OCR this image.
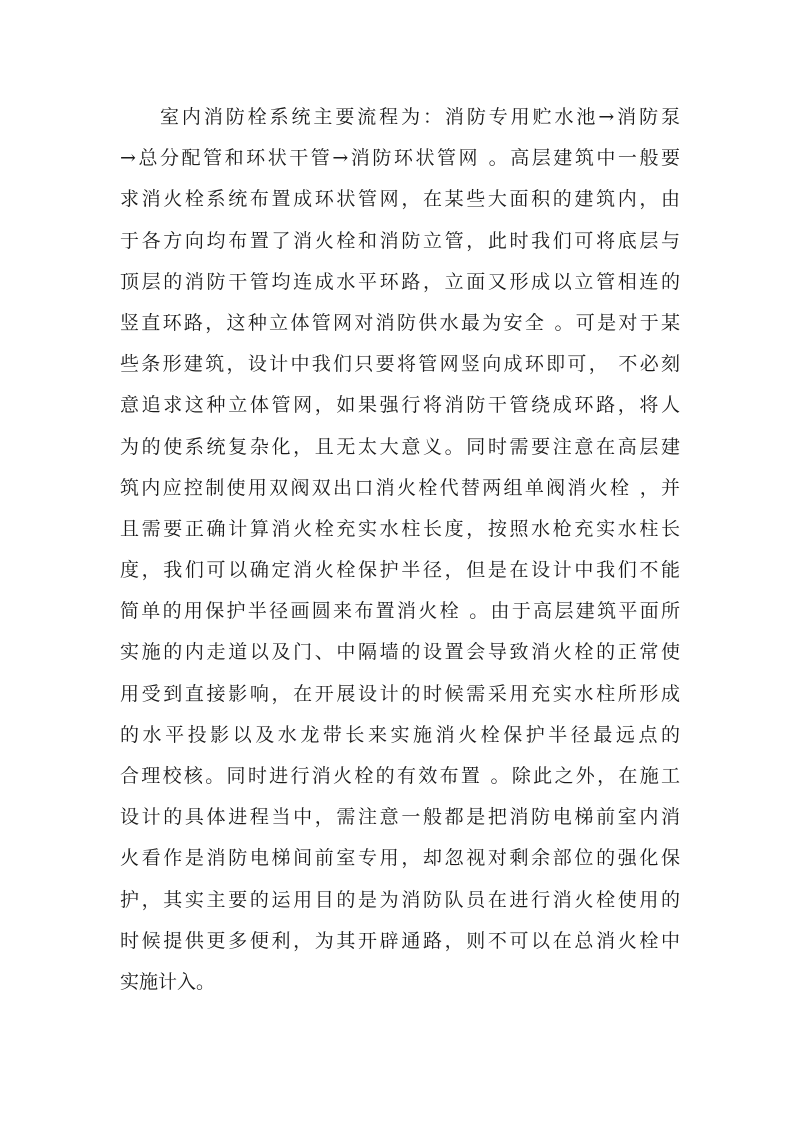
室内消防栓系统主要流程为：消防专用贮水池→消防泵
→总分配管和环状干管→消防环状管网 。高层建筑中一般要
求消火栓系统布置成环状管网，在某些大面积的建筑内，由
于各方向均布置了消火栓和消防立管，此时我们可将底层与
顶层的消防干管均连成水平环路，立面又形成以立管相连的
竖直环路，这种立体管网对消防供水最为安全 。可是对于某
些条形建筑，设计中我们只要将管网竖向成环即可， 不必刻
意追求这种立体管网，如果强行将消防干管绕成环路，将人
为的使系统复杂化，且无太大意义。同时需要注意在高层建
筑内应控制使用双阀双出口消火栓代替两组单阀消火栓 ，并
且需要正确计算消火栓充实水柱长度，按照水枪充实水柱长
度，我们可以确定消火栓保护半径，但是在设计中我们不能
简单的用保护半径画圆来布置消火栓 。由于高层建筑平面所
实施的内走道以及门、中隔墙的设置会导致消火栓的正常使
用受到直接影响，在开展设计的时候需采用充实水柱所形成
的水平投影以及水龙带长来实施消火栓保护半径最远点的
合理校核。同时进行消火栓的有效布置 。除此之外，在施工
设计的具体进程当中，需注意一般都是把消防电梯前室内消
火看作是消防电梯间前室专用，却忽视对剩余部位的强化保
护，其实主要的运用目的是为消防队员在进行消火栓使用的
时候提供更多便利，为其开辟通路，则不可以在总消火栓中
实施计入。
